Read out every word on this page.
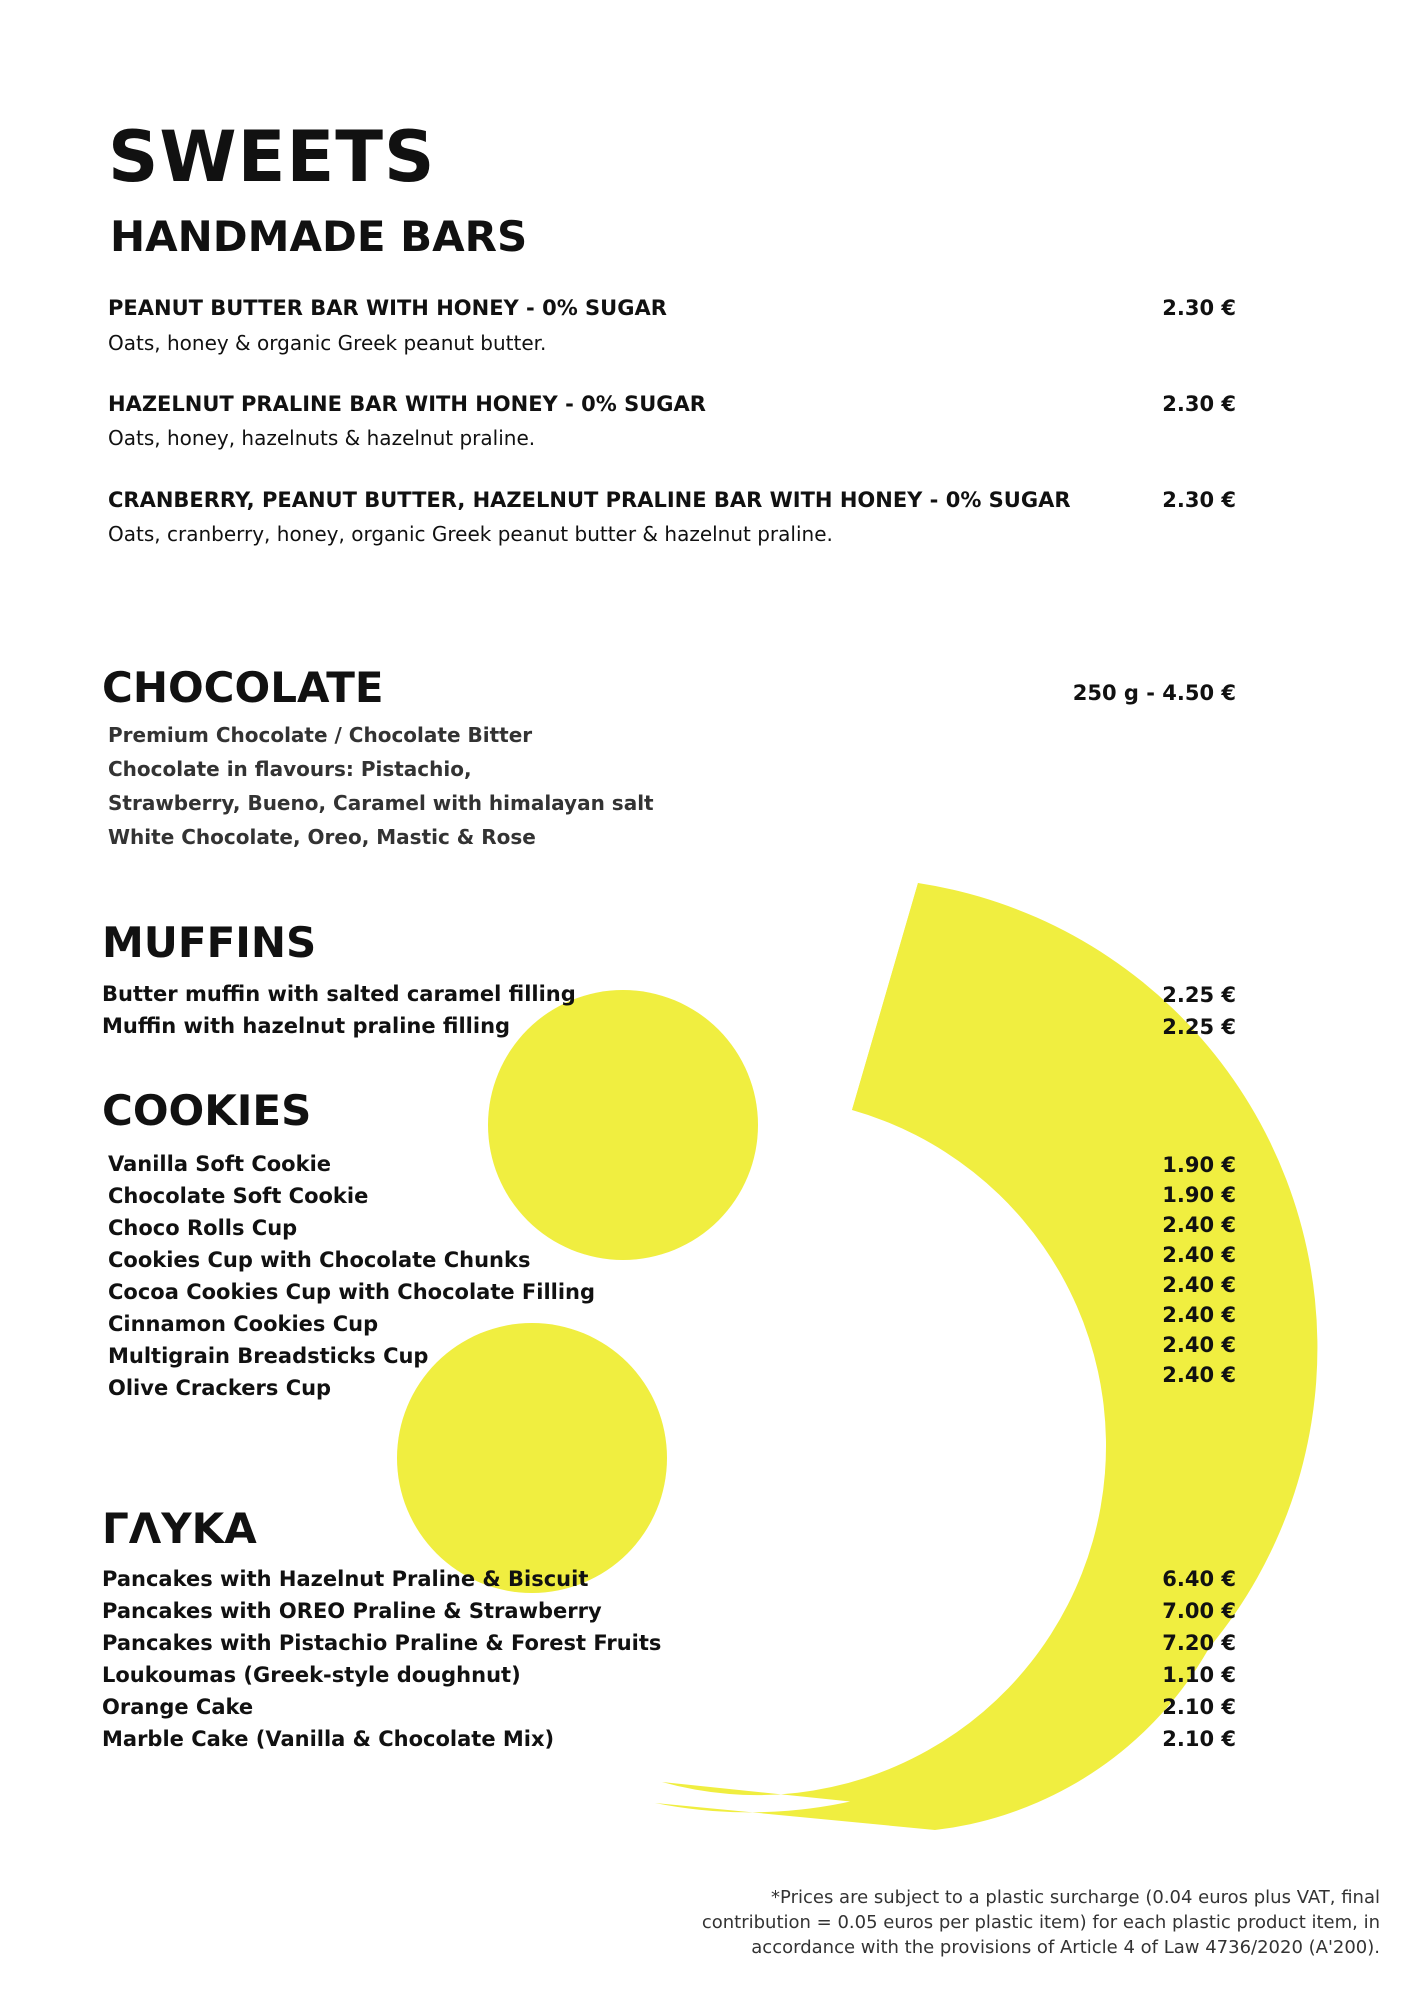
SWEETS
HANDMADE BARS
PEANUT BUTTER BAR WITH HONEY - 0% SUGAR
Oats, honey & organic Greek peanut butter.
2.30 €
HAZELNUT PRALINE BAR WITH HONEY - 0% SUGAR
Oats, honey, hazelnuts & hazelnut praline.
2.30 €
CRANBERRY, PEANUT BUTTER, HAZELNUT PRALINE BAR WITH HONEY - 0% SUGAR
Oats, cranberry, honey, organic Greek peanut butter & hazelnut praline.
2.30 €
CHOCOLATE	250 g - 4.50 €
Premium Chocolate / Chocolate Bitter
Chocolate in flavours: Pistachio,
Strawberry, Bueno, Caramel with himalayan salt
White Chocolate, Oreo, Mastic & Rose
MUFFINS
Butter muffin with salted caramel filling
Muffin with hazelnut praline filling
2.25 €
2.25 €
COOKIES
Vanilla Soft Cookie
Chocolate Soft Cookie
Choco Rolls Cup
Cookies Cup with Chocolate Chunks
Cocoa Cookies Cup with Chocolate Filling
Cinnamon Cookies Cup
Multigrain Breadsticks Cup
Olive Crackers Cup
1.90 €
1.90 €
2.40 €
2.40 €
2.40 €
2.40 €
2.40 €
2.40 €
ΓΛΥΚΑ
Pancakes with Hazelnut Praline & Biscuit
Pancakes with OREO Praline & Strawberry
Pancakes with Pistachio Praline & Forest Fruits
Loukoumas (Greek-style doughnut)
Orange Cake
Marble Cake (Vanilla & Chocolate Mix)
6.40 €
7.00 €
7.20 €
1.10 €
2.10 €
2.10 €
*Prices are subject to a plastic surcharge (0.04 euros plus VAT, final
contribution = 0.05 euros per plastic item) for each plastic product item, in
accordance with the provisions of Article 4 of Law 4736/2020 (A'200).
